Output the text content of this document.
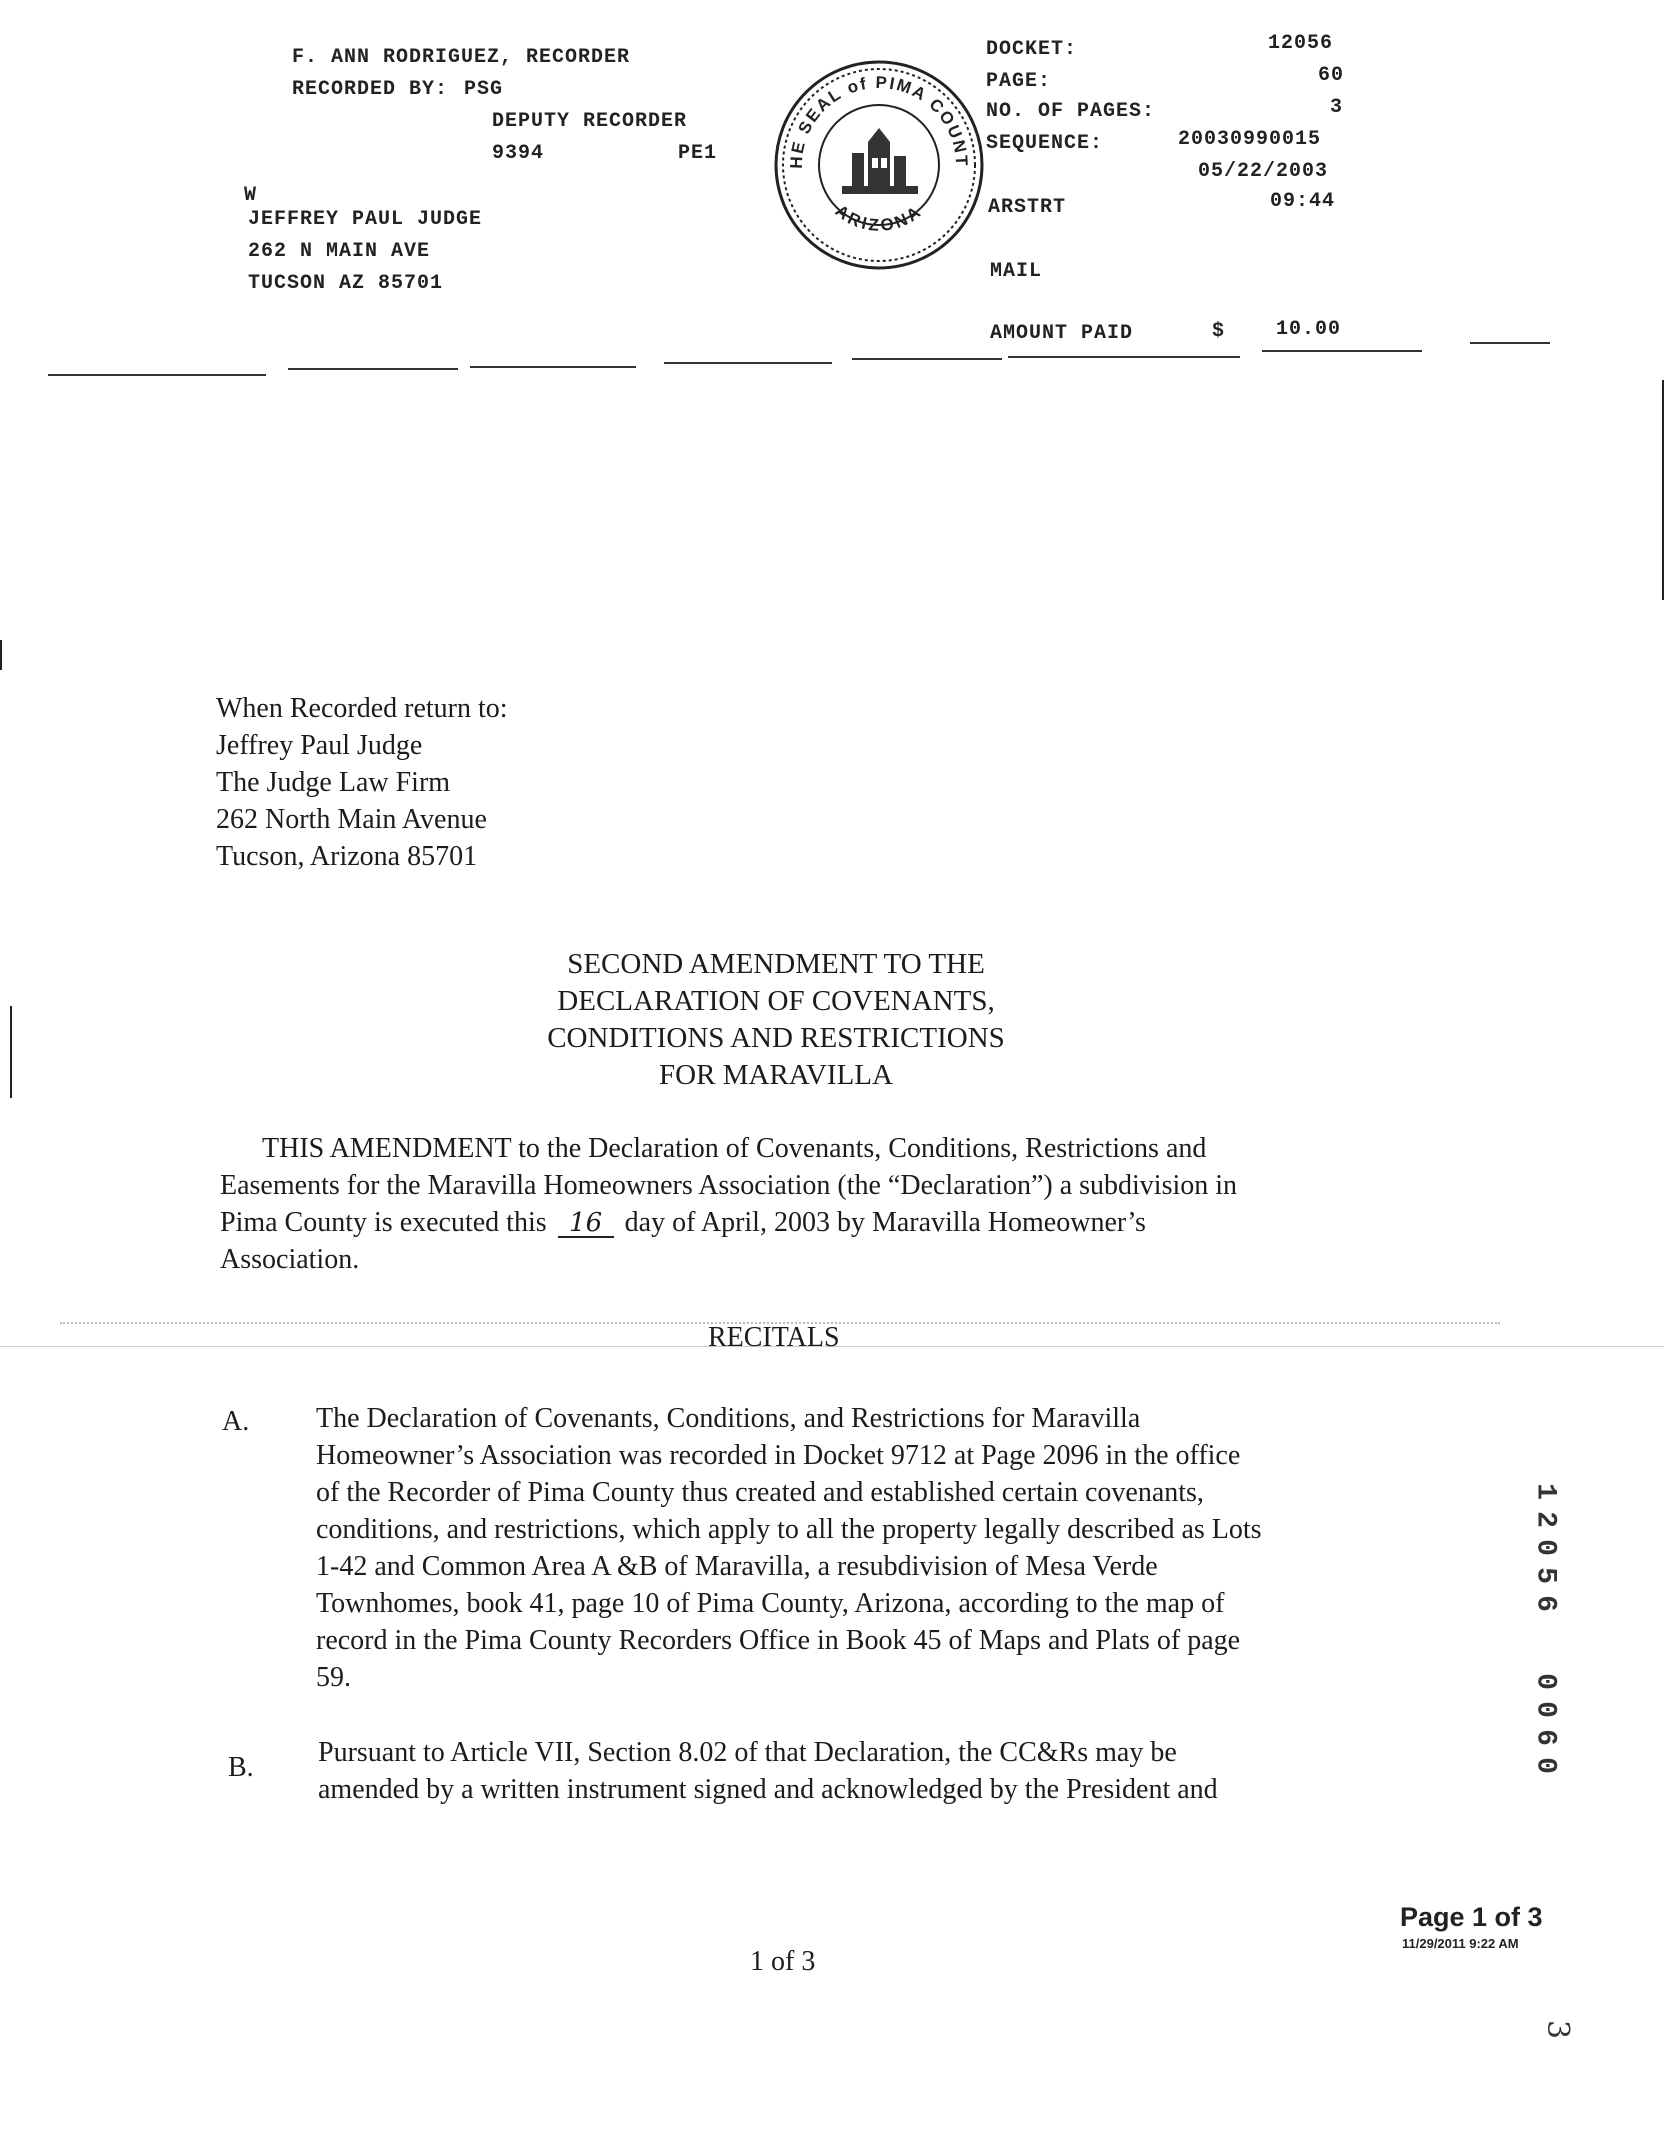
F. ANN RODRIGUEZ, RECORDER
RECORDED BY: PSG
DEPUTY RECORDER
9394	PE1
W
JEFFREY PAUL JUDGE
262 N MAIN AVE
TUCSON AZ 85701
HE SEAL of PIMA COUNT
ARIZONA
DOCKET:	12056
PAGE:	60
NO. OF PAGES:	3
SEQUENCE:	20030990015
05/22/2003
ARSTRT	09:44
MAIL
AMOUNT PAID	$	10.00
When Recorded return to:
Jeffrey Paul Judge
The Judge Law Firm
262 North Main Avenue
Tucson, Arizona 85701
SECOND AMENDMENT TO THE
DECLARATION OF COVENANTS,
CONDITIONS AND RESTRICTIONS
FOR MARAVILLA
THIS AMENDMENT to the Declaration of Covenants, Conditions, Restrictions and
Easements for the Maravilla Homeowners Association (the “Declaration”) a subdivision in
Pima County is executed this 16 day of April, 2003 by Maravilla Homeowner’s
Association.
RECITALS
A. The Declaration of Covenants, Conditions, and Restrictions for Maravilla
Homeowner’s Association was recorded in Docket 9712 at Page 2096 in the office
of the Recorder of Pima County thus created and established certain covenants,
conditions, and restrictions, which apply to all the property legally described as Lots
1-42 and Common Area A &B of Maravilla, a resubdivision of Mesa Verde
Townhomes, book 41, page 10 of Pima County, Arizona, according to the map of
record in the Pima County Recorders Office in Book 45 of Maps and Plats of page
59.
B. Pursuant to Article VII, Section 8.02 of that Declaration, the CC&Rs may be
amended by a written instrument signed and acknowledged by the President and
1
2
0
5
6
0
0
6
0
Page 1 of 3
11/29/2011 9:22 AM
1 of 3
3
